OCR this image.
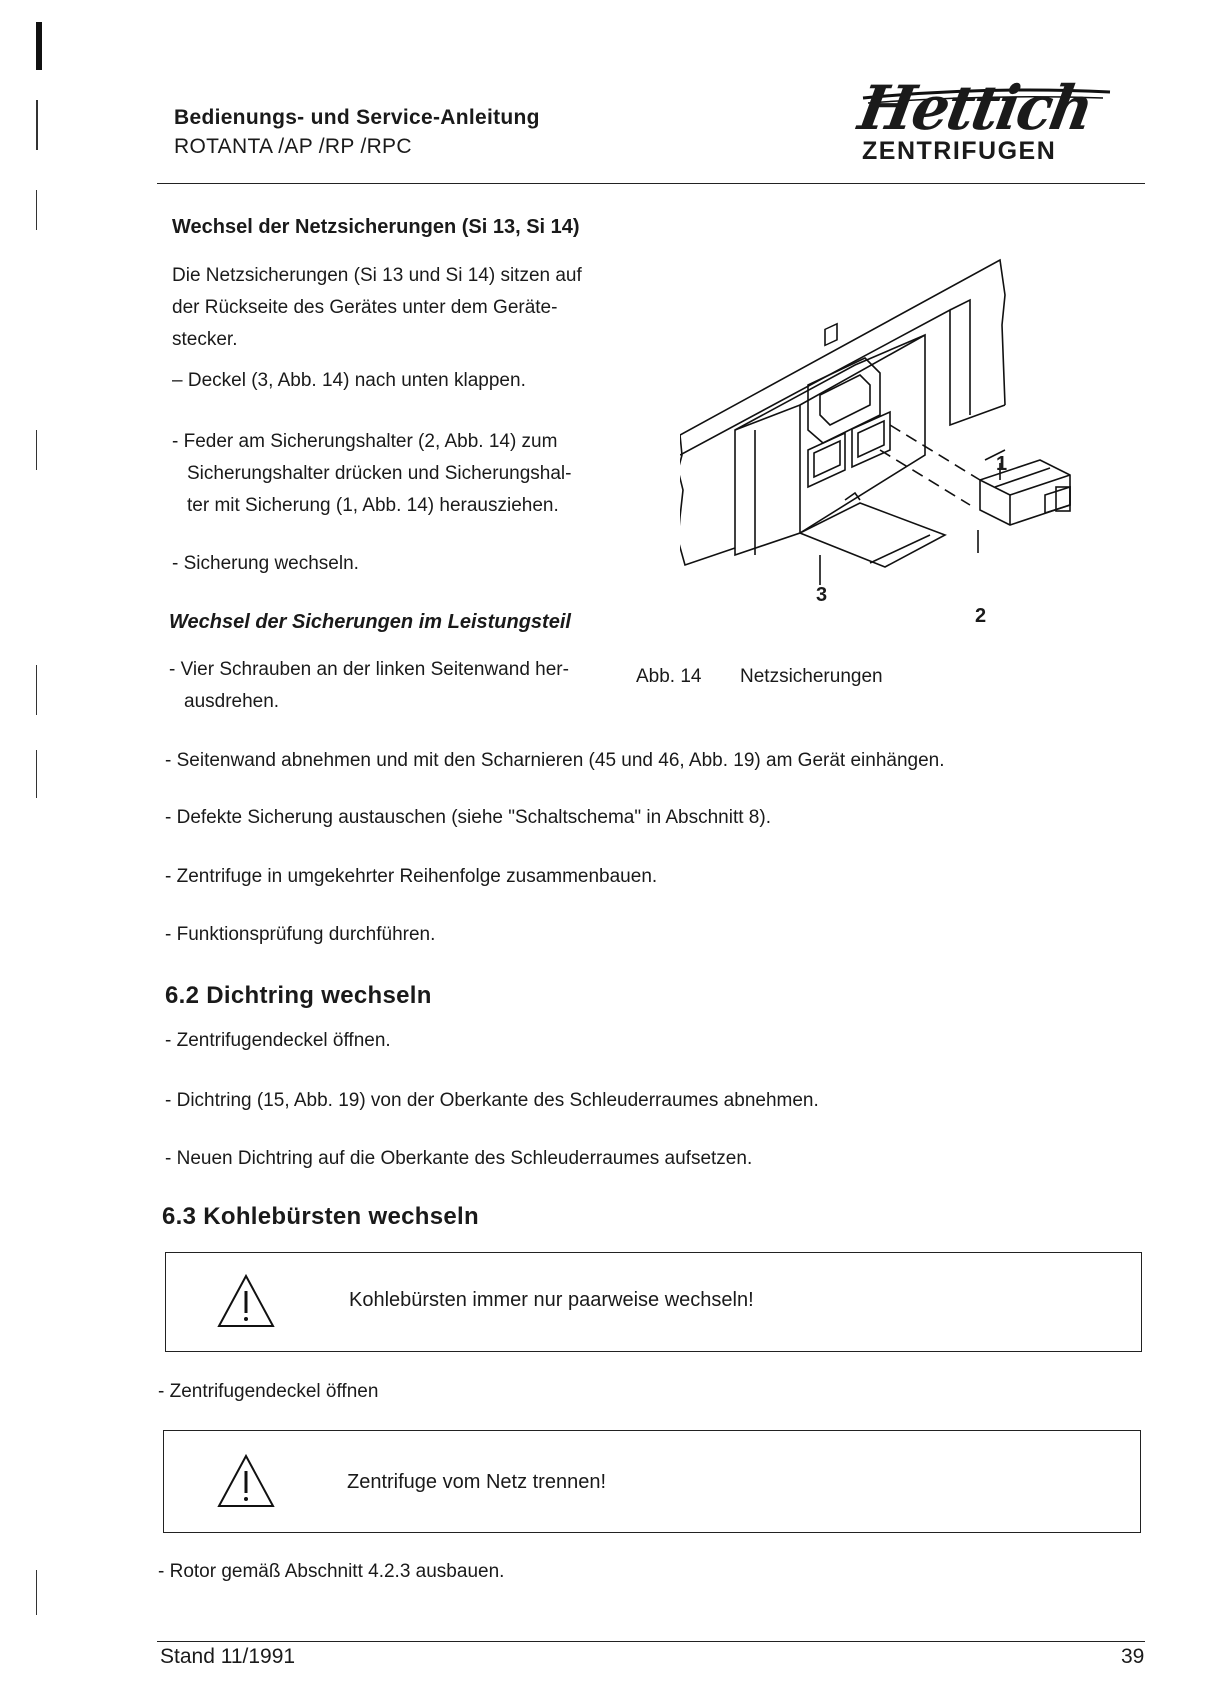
Bedienungs- und Service-Anleitung
ROTANTA /AP /RP /RPC
Hettich
ZENTRIFUGEN
Wechsel der Netzsicherungen (Si 13, Si 14)
Die Netzsicherungen (Si 13 und Si 14) sitzen auf
der Rückseite des Gerätes unter dem Geräte-
stecker.
– Deckel (3, Abb. 14) nach unten klappen.
- Feder am Sicherungshalter (2, Abb. 14) zum
Sicherungshalter drücken und Sicherungshal-
ter mit Sicherung (1, Abb. 14) herausziehen.
- Sicherung wechseln.
Wechsel der Sicherungen im Leistungsteil
- Vier Schrauben an der linken Seitenwand her-
ausdrehen.
- Seitenwand abnehmen und mit den Scharnieren (45 und 46, Abb. 19) am Gerät einhängen.
- Defekte Sicherung austauschen (siehe "Schaltschema" in Abschnitt 8).
- Zentrifuge in umgekehrter Reihenfolge zusammenbauen.
- Funktionsprüfung durchführen.
1
3
2
Abb. 14 Netzsicherungen
6.2 Dichtring wechseln
- Zentrifugendeckel öffnen.
- Dichtring (15, Abb. 19) von der Oberkante des Schleuderraumes abnehmen.
- Neuen Dichtring auf die Oberkante des Schleuderraumes aufsetzen.
6.3 Kohlebürsten wechseln
Kohlebürsten immer nur paarweise wechseln!
- Zentrifugendeckel öffnen
Zentrifuge vom Netz trennen!
- Rotor gemäß Abschnitt 4.2.3 ausbauen.
Stand 11/1991	39
